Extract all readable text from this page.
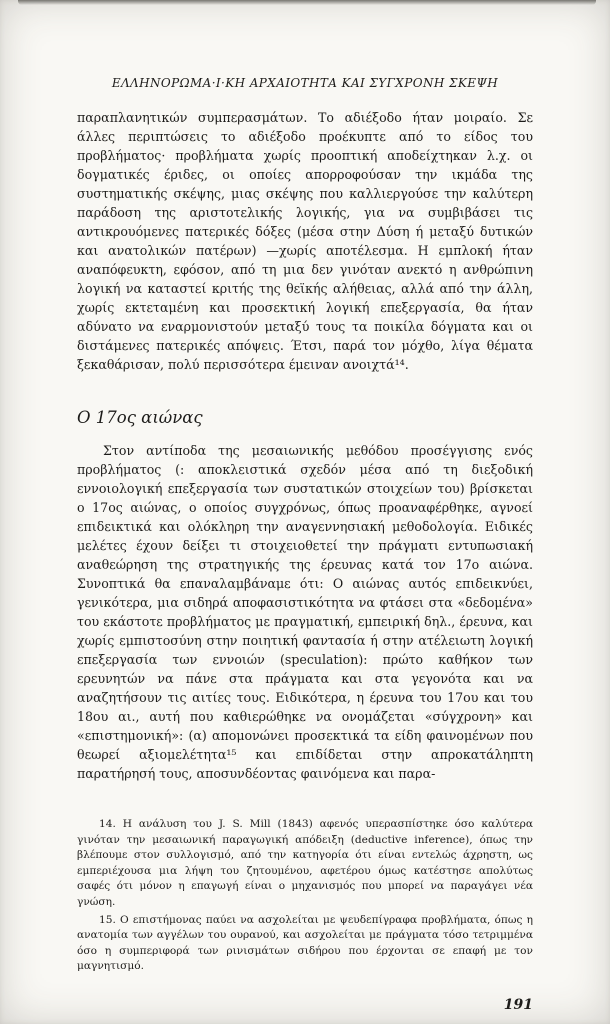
ΕΛΛΗΝΟΡΩΜΑ·Ι·ΚΗ ΑΡΧΑΙΟΤΗΤΑ ΚΑΙ ΣΥΓΧΡΟΝΗ ΣΚΕΨΗ

παραπλανητικών συμπερασμάτων. Το αδιέξοδο ήταν μοιραίο. Σε άλλες περιπτώσεις το αδιέξοδο προέκυπτε από το είδος του προβλήματος· προβλήματα χωρίς προοπτική αποδείχτηκαν λ.χ. οι δογματικές έριδες, οι οποίες απορροφούσαν την ικμάδα της συστηματικής σκέψης, μιας σκέψης που καλλιεργούσε την καλύτερη παράδοση της αριστοτελικής λογικής, για να συμβιβάσει τις αντικρουόμενες πατερικές δόξες (μέσα στην Δύση ή μεταξύ δυτικών και ανατολικών πατέρων) —χωρίς αποτέλεσμα. Η εμπλοκή ήταν αναπόφευκτη, εφόσον, από τη μια δεν γινόταν ανεκτό η ανθρώπινη λογική να καταστεί κριτής της θεϊκής αλήθειας, αλλά από την άλλη, χωρίς εκτεταμένη και προσεκτική λογική επεξεργασία, θα ήταν αδύνατο να εναρμονιστούν μεταξύ τους τα ποικίλα δόγματα και οι διστάμενες πατερικές απόψεις. Έτσι, παρά τον μόχθο, λίγα θέματα ξεκαθάρισαν, πολύ περισσότερα έμειναν ανοιχτά¹⁴.

Ο 17ος αιώνας

Στον αντίποδα της μεσαιωνικής μεθόδου προσέγγισης ενός προβλήματος (: αποκλειστικά σχεδόν μέσα από τη διεξοδική εννοιολογική επεξεργασία των συστατικών στοιχείων του) βρίσκεται ο 17ος αιώνας, ο οποίος συγχρόνως, όπως προαναφέρθηκε, αγνοεί επιδεικτικά και ολόκληρη την αναγεννησιακή μεθοδολογία. Ειδικές μελέτες έχουν δείξει τι στοιχειοθετεί την πράγματι εντυπωσιακή αναθεώρηση της στρατηγικής της έρευνας κατά τον 17ο αιώνα. Συνοπτικά θα επαναλαμβάναμε ότι: Ο αιώνας αυτός επιδεικνύει, γενικότερα, μια σιδηρά αποφασιστικότητα να φτάσει στα «δεδομένα» του εκάστοτε προβλήματος με πραγματική, εμπειρική δηλ., έρευνα, και χωρίς εμπιστοσύνη στην ποιητική φαντασία ή στην ατέλειωτη λογική επεξεργασία των εννοιών (speculation): πρώτο καθήκον των ερευνητών να πάνε στα πράγματα και στα γεγονότα και να αναζητήσουν τις αιτίες τους. Ειδικότερα, η έρευνα του 17ου και του 18ου αι., αυτή που καθιερώθηκε να ονομάζεται «σύγχρονη» και «επιστημονική»: (α) απομονώνει προσεκτικά τα είδη φαινομένων που θεωρεί αξιομελέτητα¹⁵ και επιδίδεται στην απροκατάληπτη παρατήρησή τους, αποσυνδέοντας φαινόμενα και παρα-

14. Η ανάλυση του J. S. Mill (1843) αφενός υπερασπίστηκε όσο καλύτερα γινόταν την μεσαιωνική παραγωγική απόδειξη (deductive inference), όπως την βλέπουμε στον συλλογισμό, από την κατηγορία ότι είναι εντελώς άχρηστη, ως εμπεριέχουσα μια λήψη του ζητουμένου, αφετέρου όμως κατέστησε απολύτως σαφές ότι μόνον η επαγωγή είναι ο μηχανισμός που μπορεί να παραγάγει νέα γνώση.

15. Ο επιστήμονας παύει να ασχολείται με ψευδεπίγραφα προβλήματα, όπως η ανατομία των αγγέλων του ουρανού, και ασχολείται με πράγματα τόσο τετριμμένα όσο η συμπεριφορά των ρινισμάτων σιδήρου που έρχονται σε επαφή με τον μαγνητισμό.

191
